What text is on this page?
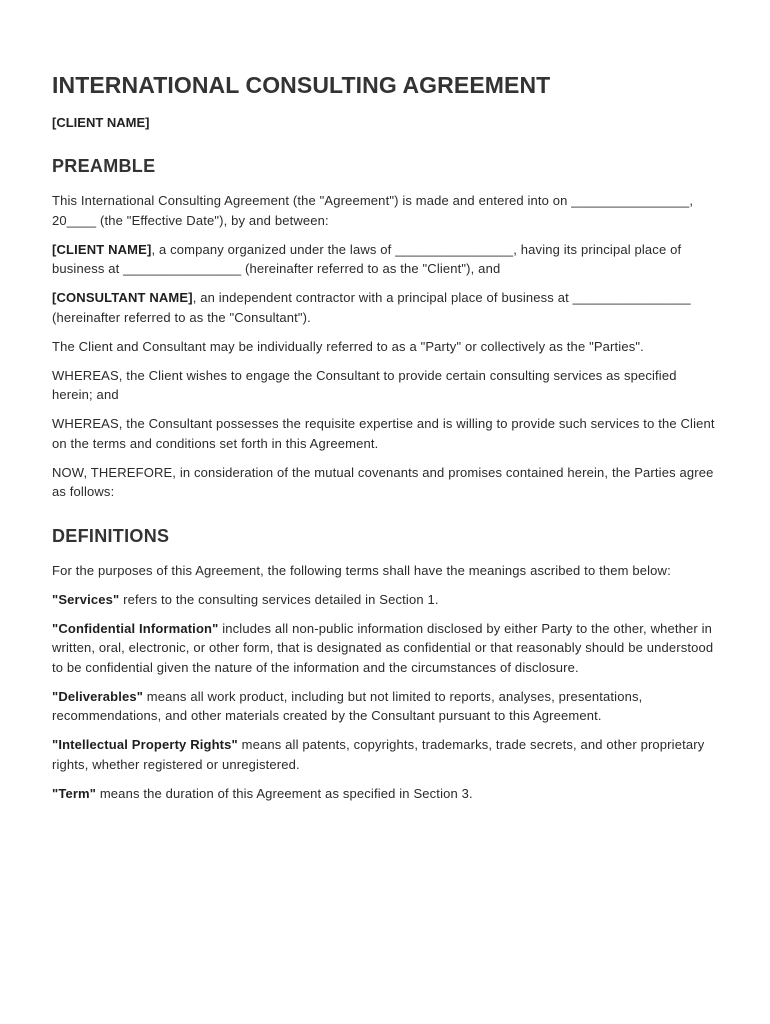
INTERNATIONAL CONSULTING AGREEMENT
[CLIENT NAME]
PREAMBLE

This International Consulting Agreement (the "Agreement") is made and entered into on ________________, 20____ (the "Effective Date"), by and between:

[CLIENT NAME], a company organized under the laws of ________________, having its principal place of business at ________________ (hereinafter referred to as the "Client"), and

[CONSULTANT NAME], an independent contractor with a principal place of business at ________________ (hereinafter referred to as the "Consultant").

The Client and Consultant may be individually referred to as a "Party" or collectively as the "Parties".

WHEREAS, the Client wishes to engage the Consultant to provide certain consulting services as specified herein; and

WHEREAS, the Consultant possesses the requisite expertise and is willing to provide such services to the Client on the terms and conditions set forth in this Agreement.

NOW, THEREFORE, in consideration of the mutual covenants and promises contained herein, the Parties agree as follows:

DEFINITIONS

For the purposes of this Agreement, the following terms shall have the meanings ascribed to them below:

"Services" refers to the consulting services detailed in Section 1.

"Confidential Information" includes all non-public information disclosed by either Party to the other, whether in written, oral, electronic, or other form, that is designated as confidential or that reasonably should be understood to be confidential given the nature of the information and the circumstances of disclosure.

"Deliverables" means all work product, including but not limited to reports, analyses, presentations, recommendations, and other materials created by the Consultant pursuant to this Agreement.

"Intellectual Property Rights" means all patents, copyrights, trademarks, trade secrets, and other proprietary rights, whether registered or unregistered.

"Term" means the duration of this Agreement as specified in Section 3.
